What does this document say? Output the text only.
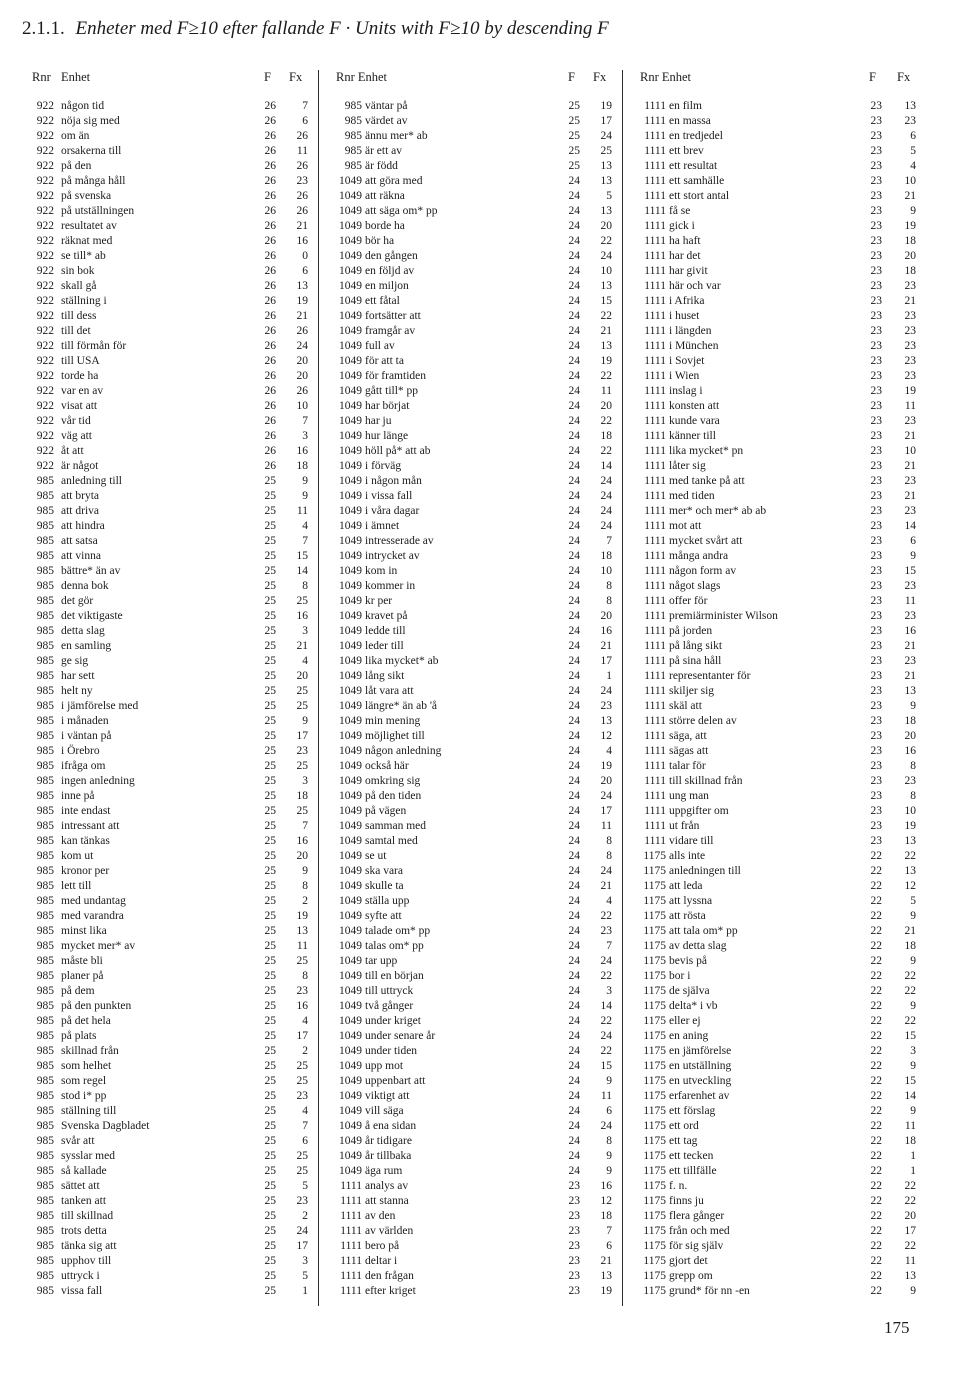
2.1.1. Enheter med F≥10 efter fallande F · Units with F≥10 by descending F
Rnr Enhet	F Fx
922 någon tid	26	7
922 nöja sig med	26	6
922 om än	26 26
922 orsakerna till	26 11
922 på den	26 26
922 på många håll	26 23
922 på svenska	26 26
922 på utställningen	26 26
922 resultatet av	26 21
922 räknat med	26 16
922 se till* ab	26	0
922 sin bok	26	6
922 skall gå	26 13
922 ställning i	26 19
922 till dess	26 21
922 till det	26 26
922 till förmån för	26 24
922 till USA	26 20
922 torde ha	26 20
922 var en av	26 26
922 visat att	26 10
922 vår tid	26	7
922 väg att	26	3
922 åt att	26 16
922 är något	26 18
985 anledning till	25	9
985 att bryta	25	9
985 att driva	25 11
985 att hindra	25	4
985 att satsa	25	7
985 att vinna	25 15
985 bättre* än av	25 14
985 denna bok	25	8
985 det gör	25 25
985 det viktigaste	25 16
985 detta slag	25	3
985 en samling	25 21
985 ge sig	25	4
985 har sett	25 20
985 helt ny	25 25
985 i jämförelse med	25 25
985 i månaden	25	9
985 i väntan på	25 17
985 i Örebro	25 23
985 ifråga om	25 25
985 ingen anledning	25	3
985 inne på	25 18
985 inte endast	25 25
985 intressant att	25	7
985 kan tänkas	25 16
985 kom ut	25 20
985 kronor per	25	9
985 lett till	25	8
985 med undantag	25	2
985 med varandra	25 19
985 minst lika	25 13
985 mycket mer* av	25 11
985 måste bli	25 25
985 planer på	25	8
985 på dem	25 23
985 på den punkten	25 16
985 på det hela	25	4
985 på plats	25 17
985 skillnad från	25	2
985 som helhet	25 25
985 som regel	25 25
985 stod i* pp	25 23
985 ställning till	25	4
985 Svenska Dagbladet	25	7
985 svår att	25	6
985 sysslar med	25 25
985 så kallade	25 25
985 sättet att	25	5
985 tanken att	25 23
985 till skillnad	25	2
985 trots detta	25 24
985 tänka sig att	25 17
985 upphov till	25	3
985 uttryck i	25	5
985 vissa fall	25	1
Rnr Enhet	F Fx
985 väntar på	25 19
985 värdet av	25 17
985 ännu mer* ab	25 24
985 är ett av	25 25
985 är född	25 13
1049 att göra med	24 13
1049 att räkna	24	5
1049 att säga om* pp	24 13
1049 borde ha	24 20
1049 bör ha	24 22
1049 den gången	24 24
1049 en följd av	24 10
1049 en miljon	24 13
1049 ett fåtal	24 15
1049 fortsätter att	24 22
1049 framgår av	24 21
1049 full av	24 13
1049 för att ta	24 19
1049 för framtiden	24 22
1049 gått till* pp	24 11
1049 har börjat	24 20
1049 har ju	24 22
1049 hur länge	24 18
1049 höll på* att ab	24 22
1049 i förväg	24 14
1049 i någon mån	24 24
1049 i vissa fall	24 24
1049 i våra dagar	24 24
1049 i ämnet	24 24
1049 intresserade av	24	7
1049 intrycket av	24 18
1049 kom in	24 10
1049 kommer in	24	8
1049 kr per	24	8
1049 kravet på	24 20
1049 ledde till	24 16
1049 leder till	24 21
1049 lika mycket* ab	24 17
1049 lång sikt	24	1
1049 låt vara att	24 24
1049 längre* än ab 'å	24 23
1049 min mening	24 13
1049 möjlighet till	24 12
1049 någon anledning	24	4
1049 också här	24 19
1049 omkring sig	24 20
1049 på den tiden	24 24
1049 på vägen	24 17
1049 samman med	24 11
1049 samtal med	24	8
1049 se ut	24	8
1049 ska vara	24 24
1049 skulle ta	24 21
1049 ställa upp	24	4
1049 syfte att	24 22
1049 talade om* pp	24 23
1049 talas om* pp	24	7
1049 tar upp	24 24
1049 till en början	24 22
1049 till uttryck	24	3
1049 två gånger	24 14
1049 under kriget	24 22
1049 under senare år	24 24
1049 under tiden	24 22
1049 upp mot	24 15
1049 uppenbart att	24	9
1049 viktigt att	24 11
1049 vill säga	24	6
1049 å ena sidan	24 24
1049 år tidigare	24	8
1049 år tillbaka	24	9
1049 äga rum	24	9
1111 analys av	23 16
1111 att stanna	23 12
1111 av den	23 18
1111 av världen	23	7
1111 bero på	23	6
1111 deltar i	23 21
1111 den frågan	23 13
1111 efter kriget	23 19
Rnr Enhet	F Fx
1111 en film	23 13
1111 en massa	23 23
1111 en tredjedel	23	6
1111 ett brev	23	5
1111 ett resultat	23	4
1111 ett samhälle	23 10
1111 ett stort antal	23 21
1111 få se	23	9
1111 gick i	23 19
1111 ha haft	23 18
1111 har det	23 20
1111 har givit	23 18
1111 här och var	23 23
1111 i Afrika	23 21
1111 i huset	23 23
1111 i längden	23 23
1111 i München	23 23
1111 i Sovjet	23 23
1111 i Wien	23 23
1111 inslag i	23 19
1111 konsten att	23 11
1111 kunde vara	23 23
1111 känner till	23 21
1111 lika mycket* pn	23 10
1111 låter sig	23 21
1111 med tanke på att	23 23
1111 med tiden	23 21
1111 mer* och mer* ab ab	23 23
1111 mot att	23 14
1111 mycket svårt att	23	6
1111 många andra	23	9
1111 någon form av	23 15
1111 något slags	23 23
1111 offer för	23 11
1111 premiärminister Wilson	23 23
1111 på jorden	23 16
1111 på lång sikt	23 21
1111 på sina håll	23 23
1111 representanter för	23 21
1111 skiljer sig	23 13
1111 skäl att	23	9
1111 större delen av	23 18
1111 säga, att	23 20
1111 sägas att	23 16
1111 talar för	23	8
1111 till skillnad från	23 23
1111 ung man	23	8
1111 uppgifter om	23 10
1111 ut från	23 19
1111 vidare till	23 13
1175 alls inte	22 22
1175 anledningen till	22 13
1175 att leda	22 12
1175 att lyssna	22	5
1175 att rösta	22	9
1175 att tala om* pp	22 21
1175 av detta slag	22 18
1175 bevis på	22	9
1175 bor i	22 22
1175 de själva	22 22
1175 delta* i vb	22	9
1175 eller ej	22 22
1175 en aning	22 15
1175 en jämförelse	22	3
1175 en utställning	22	9
1175 en utveckling	22 15
1175 erfarenhet av	22 14
1175 ett förslag	22	9
1175 ett ord	22 11
1175 ett tag	22 18
1175 ett tecken	22	1
1175 ett tillfälle	22	1
1175 f. n.	22 22
1175 finns ju	22 22
1175 flera gånger	22 20
1175 från och med	22 17
1175 för sig själv	22 22
1175 gjort det	22 11
1175 grepp om	22 13
1175 grund* för nn -en	22	9
175
